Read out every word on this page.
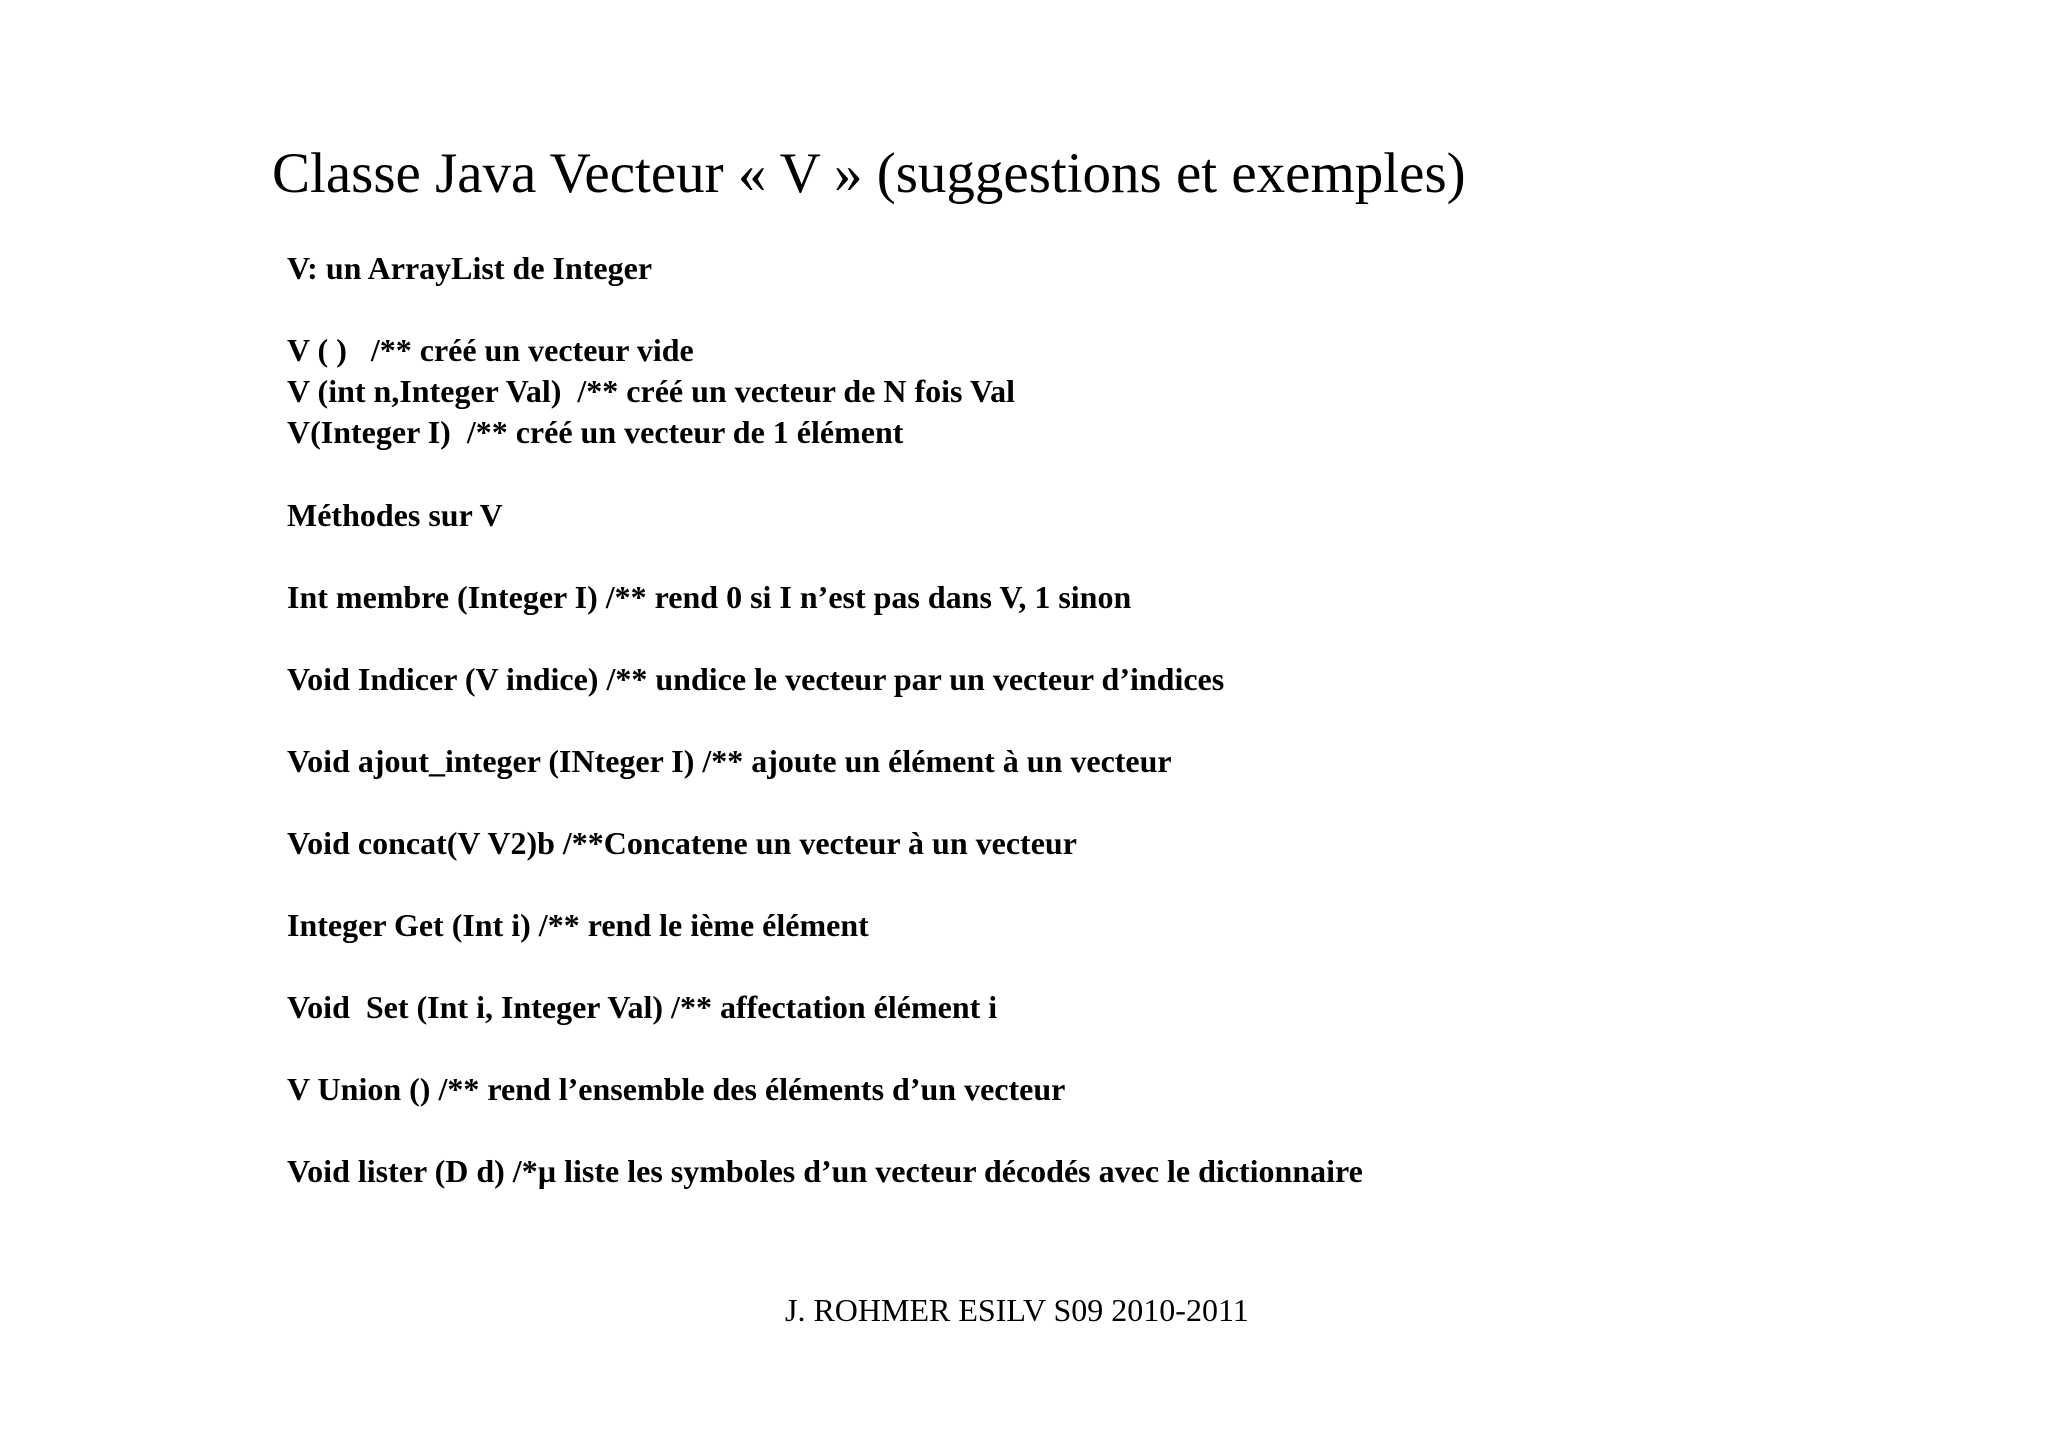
Classe Java Vecteur « V » (suggestions et exemples)

V: un ArrayList de Integer

V ( )   /** créé un vecteur vide

V (int n,Integer Val)  /** créé un vecteur de N fois Val

V(Integer I)  /** créé un vecteur de 1 élément

Méthodes sur V

Int membre (Integer I) /** rend 0 si I n’est pas dans V, 1 sinon

Void Indicer (V indice) /** undice le vecteur par un vecteur d’indices

Void ajout_integer (INteger I) /** ajoute un élément à un vecteur

Void concat(V V2)b /**Concatene un vecteur à un vecteur

Integer Get (Int i) /** rend le ième élément

Void  Set (Int i, Integer Val) /** affectation élément i

V Union () /** rend l’ensemble des éléments d’un vecteur

Void lister (D d) /*µ liste les symboles d’un vecteur décodés avec le dictionnaire

J. ROHMER ESILV S09 2010-2011
